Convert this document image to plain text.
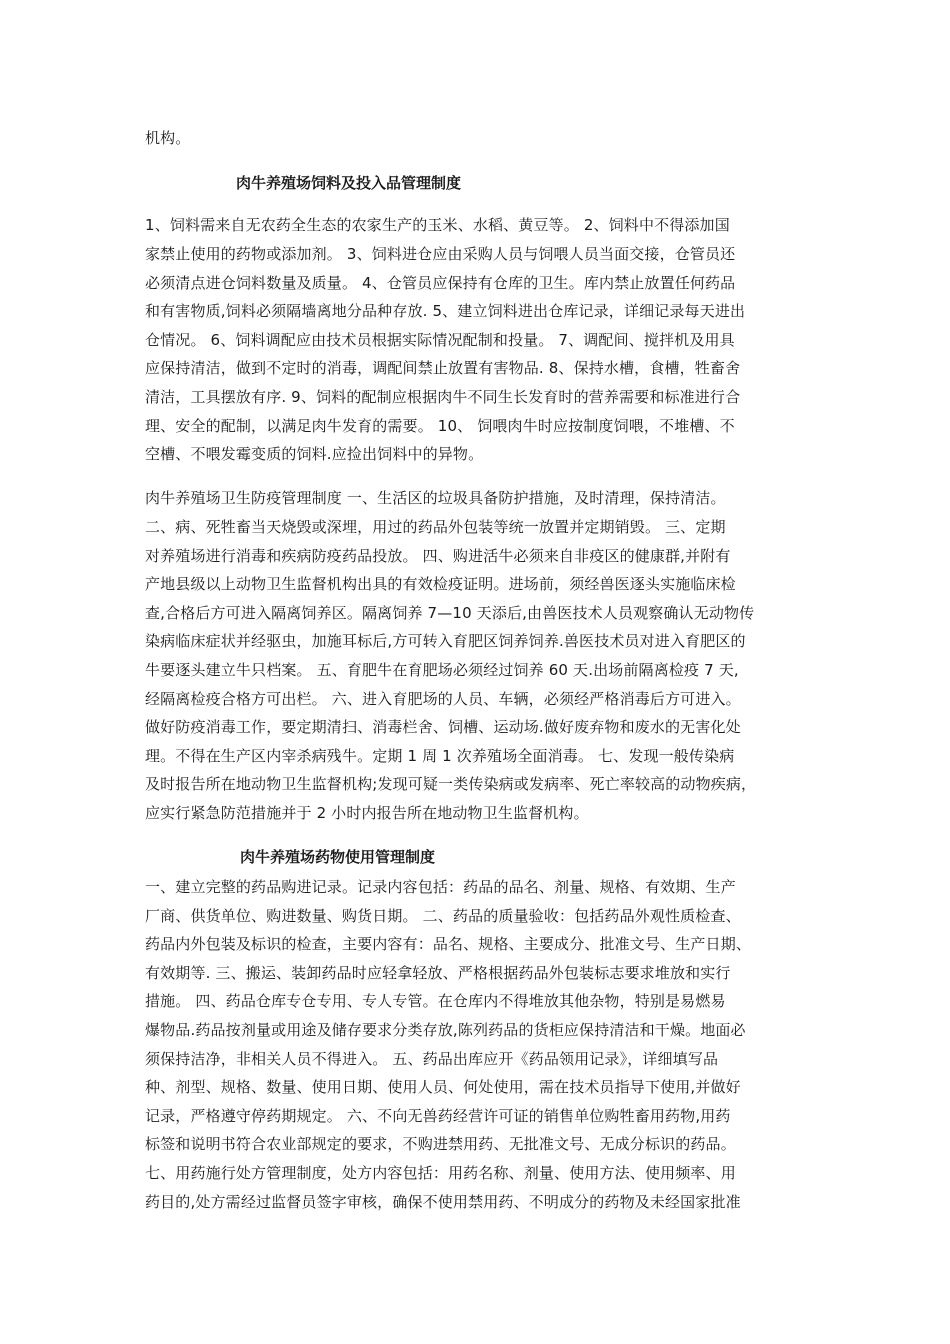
机构。
肉牛养殖场饲料及投入品管理制度
1、饲料需来自无农药全生态的农家生产的玉米、水稻、黄豆等。 2、饲料中不得添加国
家禁止使用的药物或添加剂。 3、饲料进仓应由采购人员与饲喂人员当面交接，仓管员还
必须清点进仓饲料数量及质量。 4、仓管员应保持有仓库的卫生。库内禁止放置任何药品
和有害物质,饲料必须隔墙离地分品种存放. 5、建立饲料进出仓库记录，详细记录每天进出
仓情况。 6、饲料调配应由技术员根据实际情况配制和投量。 7、调配间、搅拌机及用具
应保持清洁，做到不定时的消毒，调配间禁止放置有害物品. 8、保持水槽，食槽，牲畜舍
清洁，工具摆放有序. 9、饲料的配制应根据肉牛不同生长发育时的营养需要和标准进行合
理、安全的配制，以满足肉牛发育的需要。 10、 饲喂肉牛时应按制度饲喂，不堆槽、不
空槽、不喂发霉变质的饲料.应捡出饲料中的异物。
肉牛养殖场卫生防疫管理制度 一、生活区的垃圾具备防护措施，及时清理，保持清洁。
二、病、死牲畜当天烧毁或深埋，用过的药品外包装等统一放置并定期销毁。 三、定期
对养殖场进行消毒和疾病防疫药品投放。 四、购进活牛必须来自非疫区的健康群,并附有
产地县级以上动物卫生监督机构出具的有效检疫证明。进场前，须经兽医逐头实施临床检
查,合格后方可进入隔离饲养区。隔离饲养 7—10 天添后,由兽医技术人员观察确认无动物传
染病临床症状并经驱虫，加施耳标后,方可转入育肥区饲养饲养.兽医技术员对进入育肥区的
牛要逐头建立牛只档案。 五、育肥牛在育肥场必须经过饲养 60 天.出场前隔离检疫 7 天,
经隔离检疫合格方可出栏。 六、进入育肥场的人员、车辆，必须经严格消毒后方可进入。
做好防疫消毒工作，要定期清扫、消毒栏舍、饲槽、运动场.做好废弃物和废水的无害化处
理。不得在生产区内宰杀病残牛。定期 1 周 1 次养殖场全面消毒。 七、发现一般传染病
及时报告所在地动物卫生监督机构;发现可疑一类传染病或发病率、死亡率较高的动物疾病，
应实行紧急防范措施并于 2 小时内报告所在地动物卫生监督机构。
肉牛养殖场药物使用管理制度
一、建立完整的药品购进记录。记录内容包括：药品的品名、剂量、规格、有效期、生产
厂商、供货单位、购进数量、购货日期。 二、药品的质量验收：包括药品外观性质检查、
药品内外包装及标识的检查，主要内容有：品名、规格、主要成分、批准文号、生产日期、
有效期等. 三、搬运、装卸药品时应轻拿轻放、严格根据药品外包装标志要求堆放和实行
措施。 四、药品仓库专仓专用、专人专管。在仓库内不得堆放其他杂物，特别是易燃易
爆物品.药品按剂量或用途及储存要求分类存放,陈列药品的货柜应保持清洁和干燥。地面必
须保持洁净，非相关人员不得进入。 五、药品出库应开《药品领用记录》，详细填写品
种、剂型、规格、数量、使用日期、使用人员、何处使用，需在技术员指导下使用,并做好
记录，严格遵守停药期规定。 六、不向无兽药经营许可证的销售单位购牲畜用药物,用药
标签和说明书符合农业部规定的要求，不购进禁用药、无批准文号、无成分标识的药品。
七、用药施行处方管理制度，处方内容包括：用药名称、剂量、使用方法、使用频率、用
药目的,处方需经过监督员签字审核，确保不使用禁用药、不明成分的药物及未经国家批准
